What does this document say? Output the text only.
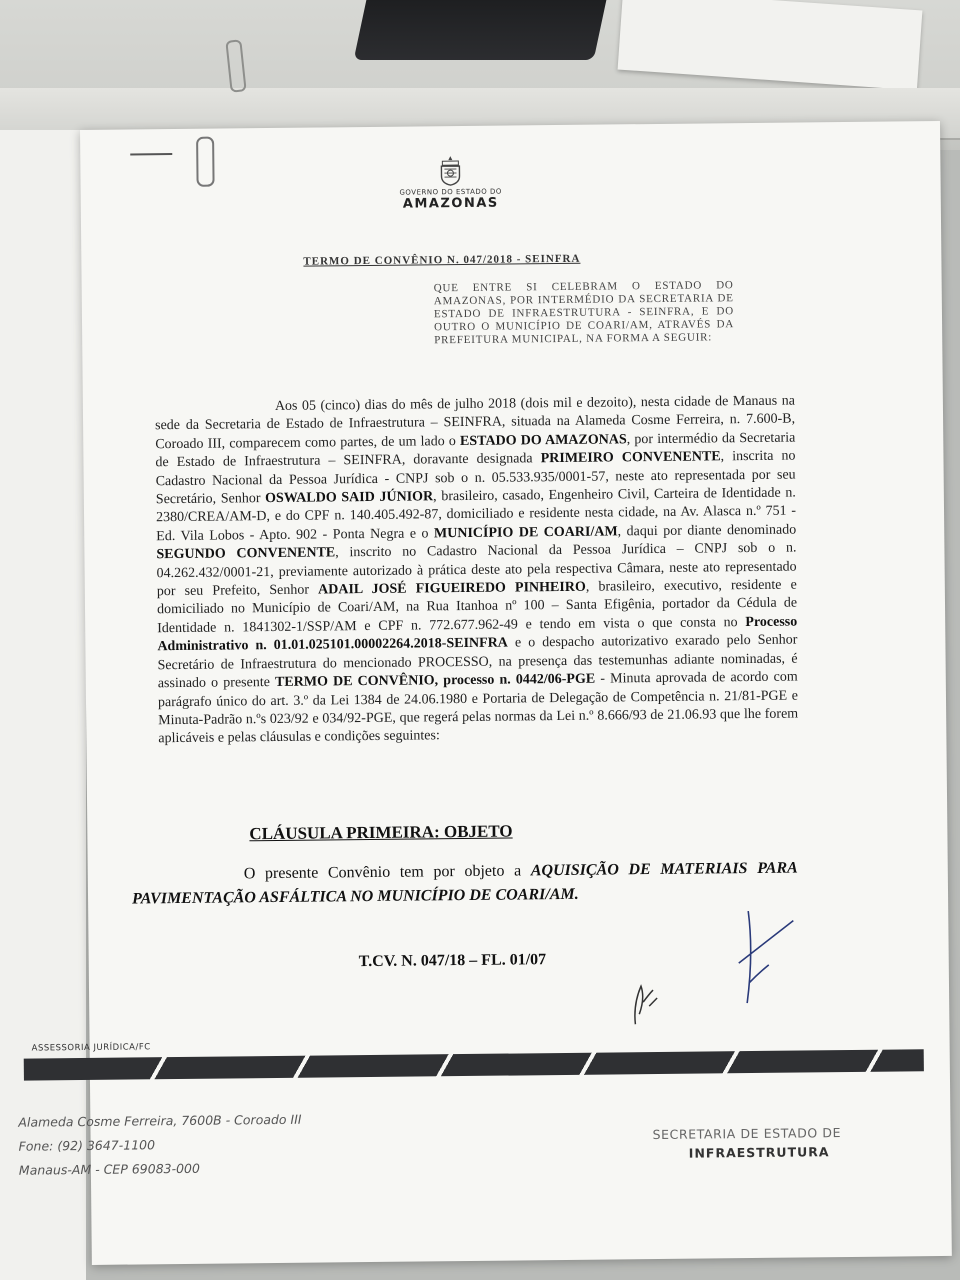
GOVERNO DO ESTADO DO
AMAZONAS
TERMO DE CONVÊNIO N. 047/2018 - SEINFRA
QUE ENTRE SI CELEBRAM O ESTADO DO AMAZONAS, POR INTERMÉDIO DA SECRETARIA DE ESTADO DE INFRAESTRUTURA - SEINFRA, E DO OUTRO O MUNICÍPIO DE COARI/AM, ATRAVÉS DA PREFEITURA MUNICIPAL, NA FORMA A SEGUIR:

Aos 05 (cinco) dias do mês de julho 2018 (dois mil e dezoito), nesta cidade de Manaus na sede da Secretaria de Estado de Infraestrutura – SEINFRA, situada na Alameda Cosme Ferreira, n. 7.600-B, Coroado III, comparecem como partes, de um lado o ESTADO DO AMAZONAS, por intermédio da Secretaria de Estado de Infraestrutura – SEINFRA, doravante designada PRIMEIRO CONVENENTE, inscrita no Cadastro Nacional da Pessoa Jurídica - CNPJ sob o n. 05.533.935/0001-57, neste ato representada por seu Secretário, Senhor OSWALDO SAID JÚNIOR, brasileiro, casado, Engenheiro Civil, Carteira de Identidade n. 2380/CREA/AM-D, e do CPF n. 140.405.492-87, domiciliado e residente nesta cidade, na Av. Alasca n.º 751 - Ed. Vila Lobos - Apto. 902 - Ponta Negra e o MUNICÍPIO DE COARI/AM, daqui por diante denominado SEGUNDO CONVENENTE, inscrito no Cadastro Nacional da Pessoa Jurídica – CNPJ sob o n. 04.262.432/0001-21, previamente autorizado à prática deste ato pela respectiva Câmara, neste ato representado por seu Prefeito, Senhor ADAIL JOSÉ FIGUEIREDO PINHEIRO, brasileiro, executivo, residente e domiciliado no Município de Coari/AM, na Rua Itanhoa nº 100 – Santa Efigênia, portador da Cédula de Identidade n. 1841302-1/SSP/AM e CPF n. 772.677.962-49 e tendo em vista o que consta no Processo Administrativo n. 01.01.025101.00002264.2018-SEINFRA e o despacho autorizativo exarado pelo Senhor Secretário de Infraestrutura do mencionado PROCESSO, na presença das testemunhas adiante nominadas, é assinado o presente TERMO DE CONVÊNIO, processo n. 0442/06-PGE - Minuta aprovada de acordo com parágrafo único do art. 3.º da Lei 1384 de 24.06.1980 e Portaria de Delegação de Competência n. 21/81-PGE e Minuta-Padrão n.ºs 023/92 e 034/92-PGE, que regerá pelas normas da Lei n.º 8.666/93 de 21.06.93 que lhe forem aplicáveis e pelas cláusulas e condições seguintes:

CLÁUSULA PRIMEIRA: OBJETO
O presente Convênio tem por objeto a AQUISIÇÃO DE MATERIAIS PARA PAVIMENTAÇÃO ASFÁLTICA NO MUNICÍPIO DE COARI/AM.
T.CV. N. 047/18 – FL. 01/07
ASSESSORIA JURÍDICA/FC
Alameda Cosme Ferreira, 7600B - Coroado III
Fone: (92) 3647-1100
Manaus-AM - CEP 69083-000
SECRETARIA DE ESTADO DE
INFRAESTRUTURA
